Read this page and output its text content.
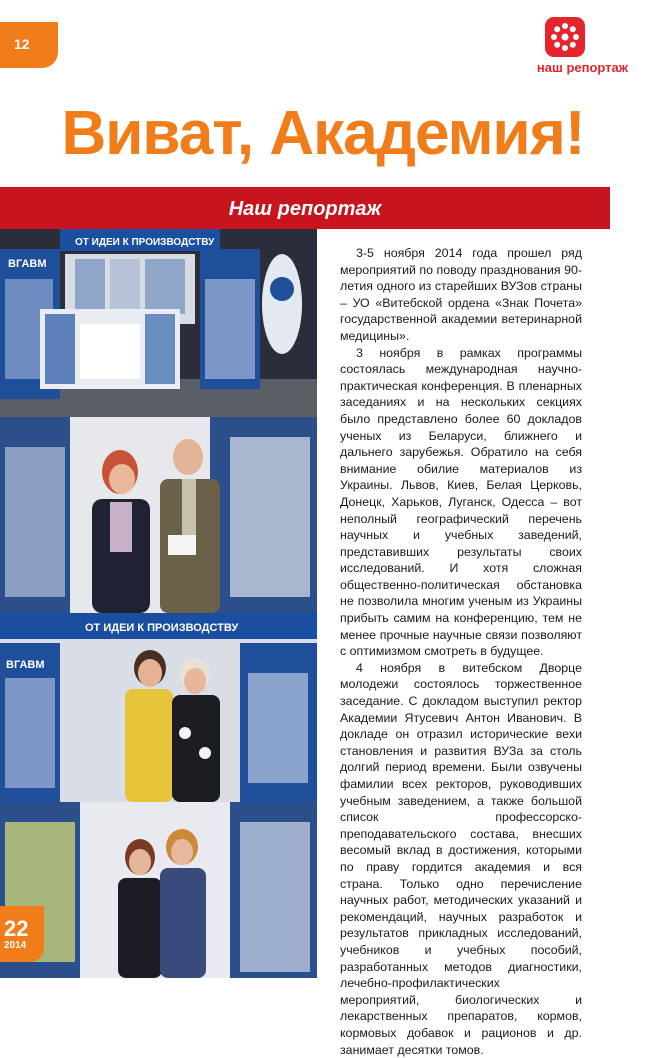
12
наш репортаж
Виват, Академия!
Наш репортаж
ОТ ИДЕИ К ПРОИЗВОДСТВУ
ВГАВМ
ОТ ИДЕИ К ПРОИЗВОДСТВУ
ВГАВМ
22
2014

3-5 ноября 2014 года прошел ряд мероприятий по поводу празднования 90-летия одного из старейших ВУЗов страны – УО «Витебской ордена «Знак Почета» государственной академии ветеринарной медицины».

3 ноября в рамках программы состоялась международная научно-практическая конференция. В пленарных заседаниях и на нескольких секциях было представлено более 60 докладов ученых из Беларуси, ближнего и дальнего зарубежья. Обратило на себя внимание обилие материалов из Украины. Львов, Киев, Белая Церковь, Донецк, Харьков, Луганск, Одесса – вот неполный географический перечень научных и учебных заведений, представивших результаты своих исследований. И хотя сложная общественно-политическая обстановка не позволила многим ученым из Украины прибыть самим на конференцию, тем не менее прочные научные связи позволяют с оптимизмом смотреть в будущее.

4 ноября в витебском Дворце молодежи состоялось торжественное заседание. С докладом выступил ректор Академии Ятусевич Антон Иванович. В докладе он отразил исторические вехи становления и развития ВУЗа за столь долгий период времени. Были озвучены фамилии всех ректоров, руководивших учебным заведением, а также большой список профессорско-преподавательского состава, внесших весомый вклад в достижения, которыми по праву гордится академия и вся страна. Только одно перечисление научных работ, методических указаний и рекомендаций, научных разработок и результатов прикладных исследований, учебников и учебных пособий, разработанных методов диагностики, лечебно-профилактических мероприятий, биологических и лекарственных препаратов, кормов, кормовых добавок и рационов и др. занимает десятки томов.
